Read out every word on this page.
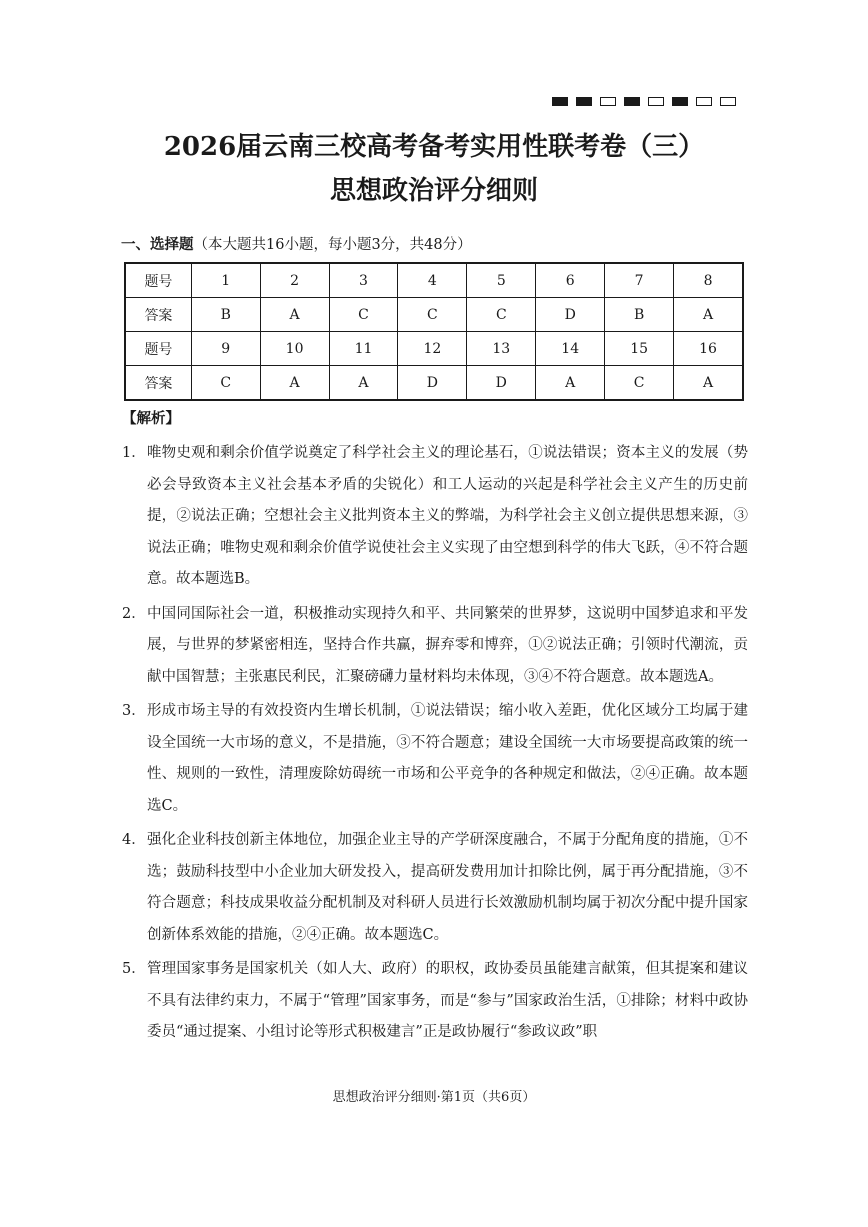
2026届云南三校高考备考实用性联考卷（三）
思想政治评分细则
一、选择题（本大题共16小题，每小题3分，共48分）
题号	1	2	3	4	5	6	7	8
答案	B	A	C	C	C	D	B	A
题号	9	10	11	12	13	14	15	16
答案	C	A	A	D	D	A	C	A
【解析】
1． 唯物史观和剩余价值学说奠定了科学社会主义的理论基石，①说法错误；资本主义的发展（势必会导致资本主义社会基本矛盾的尖锐化）和工人运动的兴起是科学社会主义产生的历史前提，②说法正确；空想社会主义批判资本主义的弊端，为科学社会主义创立提供思想来源，③说法正确；唯物史观和剩余价值学说使社会主义实现了由空想到科学的伟大飞跃，④不符合题意。故本题选B。
2． 中国同国际社会一道，积极推动实现持久和平、共同繁荣的世界梦，这说明中国梦追求和平发展，与世界的梦紧密相连，坚持合作共赢，摒弃零和博弈，①②说法正确；引领时代潮流，贡献中国智慧；主张惠民利民，汇聚磅礴力量材料均未体现，③④不符合题意。故本题选A。
3． 形成市场主导的有效投资内生增长机制，①说法错误；缩小收入差距，优化区域分工均属于建设全国统一大市场的意义，不是措施，③不符合题意；建设全国统一大市场要提高政策的统一性、规则的一致性，清理废除妨碍统一市场和公平竞争的各种规定和做法，②④正确。故本题选C。
4． 强化企业科技创新主体地位，加强企业主导的产学研深度融合，不属于分配角度的措施，①不选；鼓励科技型中小企业加大研发投入，提高研发费用加计扣除比例，属于再分配措施，③不符合题意；科技成果收益分配机制及对科研人员进行长效激励机制均属于初次分配中提升国家创新体系效能的措施，②④正确。故本题选C。
5． 管理国家事务是国家机关（如人大、政府）的职权，政协委员虽能建言献策，但其提案和建议不具有法律约束力，不属于“管理”国家事务，而是“参与”国家政治生活，①排除；材料中政协委员“通过提案、小组讨论等形式积极建言”正是政协履行“参政议政”职
思想政治评分细则·第1页（共6页）
